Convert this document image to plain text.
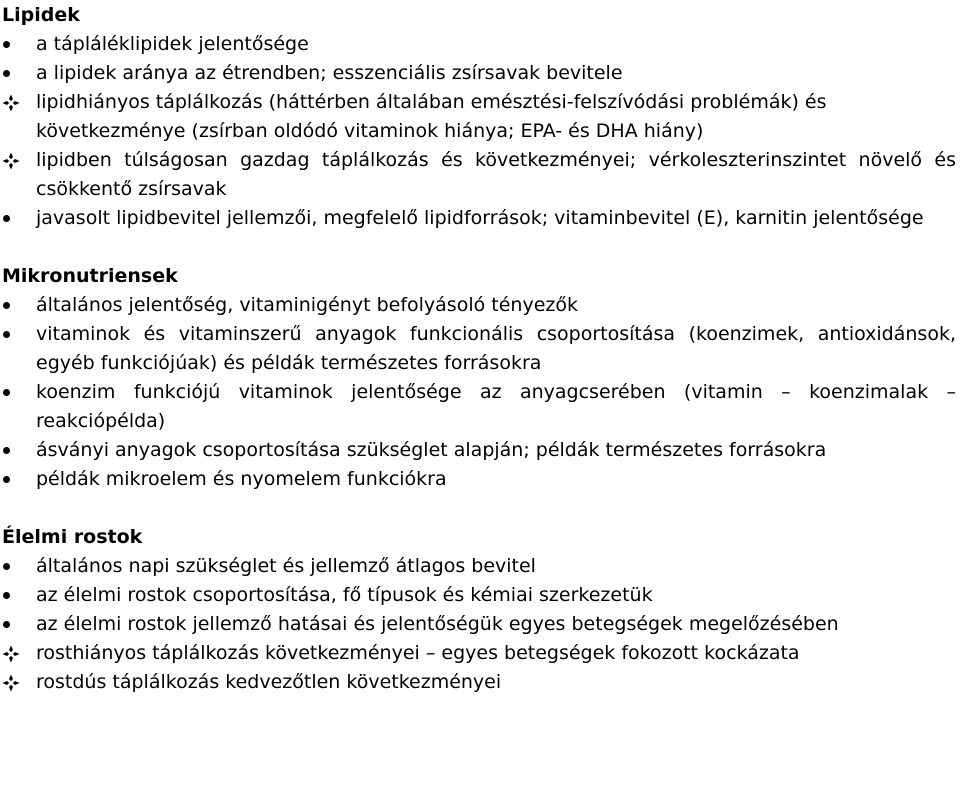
Lipidek
a tápláléklipidek jelentősége
a lipidek aránya az étrendben; esszenciális zsírsavak bevitele
lipidhiányos táplálkozás (háttérben általában emésztési-felszívódási problémák) és következménye (zsírban oldódó vitaminok hiánya; EPA- és DHA hiány)
lipidben túlságosan gazdag táplálkozás és következményei; vérkoleszterinszintet növelő és csökkentő zsírsavak
javasolt lipidbevitel jellemzői, megfelelő lipidforrások; vitaminbevitel (E), karnitin jelentősége
Mikronutriensek
általános jelentőség, vitaminigényt befolyásoló tényezők
vitaminok és vitaminszerű anyagok funkcionális csoportosítása (koenzimek, antioxidánsok, egyéb funkciójúak) és példák természetes forrásokra
koenzim funkciójú vitaminok jelentősége az anyagcserében (vitamin – koenzimalak – reakciópélda)
ásványi anyagok csoportosítása szükséglet alapján; példák természetes forrásokra
példák mikroelem és nyomelem funkciókra
Élelmi rostok
általános napi szükséglet és jellemző átlagos bevitel
az élelmi rostok csoportosítása, fő típusok és kémiai szerkezetük
az élelmi rostok jellemző hatásai és jelentőségük egyes betegségek megelőzésében
rosthiányos táplálkozás következményei – egyes betegségek fokozott kockázata
rostdús táplálkozás kedvezőtlen következményei
